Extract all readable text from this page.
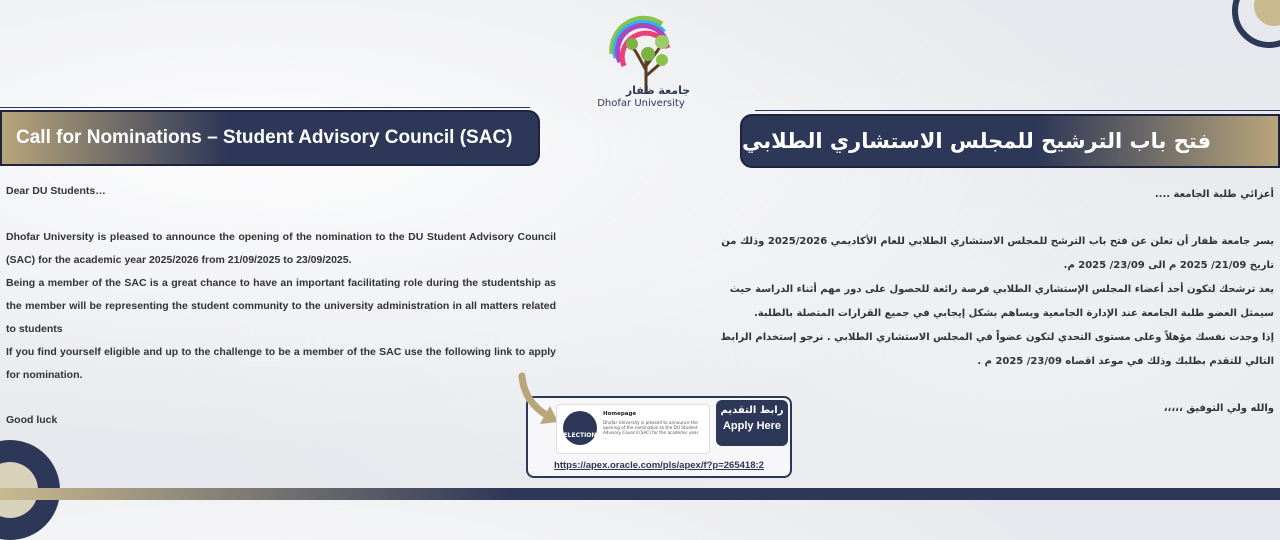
جامعة ظفار
Dhofar University
Call for Nominations – Student Advisory Council (SAC)	فتح باب الترشيح للمجلس الاستشاري الطلابي

Dear DU Students…

Dhofar University is pleased to announce the opening of the nomination to the DU Student Advisory Council (SAC) for the academic year 2025/2026 from 21/09/2025 to 23/09/2025.

Being a member of the SAC is a great chance to have an important facilitating role during the studentship as the member will be representing the student community to the university administration in all matters related to students

If you find yourself eligible and up to the challenge to be a member of the SAC use the following link to apply for nomination.

Good luck

أعزائي طلبة الجامعة ....

يسر جامعة ظفار أن تعلن عن فتح باب الترشح للمجلس الاستشاري الطلابي للعام الأكاديمي 2025/2026 وذلك من تاريخ 21/09/ 2025 م الى 23/09/ 2025 م.

يعد ترشحك لتكون أحد أعضاء المجلس الإستشاري الطلابي فرصة رائعة للحصول على دور مهم أثناء الدراسة حيث سيمثل العضو طلبة الجامعة عند الإدارة الجامعية ويساهم بشكل إيجابي في جميع القرارات المتصلة بالطلبة.

إذا وجدت نفسك مؤهلاً وعلى مستوى التحدي لتكون عضواً في المجلس الاستشاري الطلابي . نرجو إستخدام الرابط التالي للتقدم بطلبك وذلك في موعد اقصاه 23/09/ 2025 م .

والله ولي التوفيق ،،،،،

ELECTION
Homepage
Dhofar University is pleased to announce the opening of the nomination to the DU Student Advisory Council (SAC) for the academic year ...
رابط التقديم
Apply Here
https://apex.oracle.com/pls/apex/f?p=265418:2
